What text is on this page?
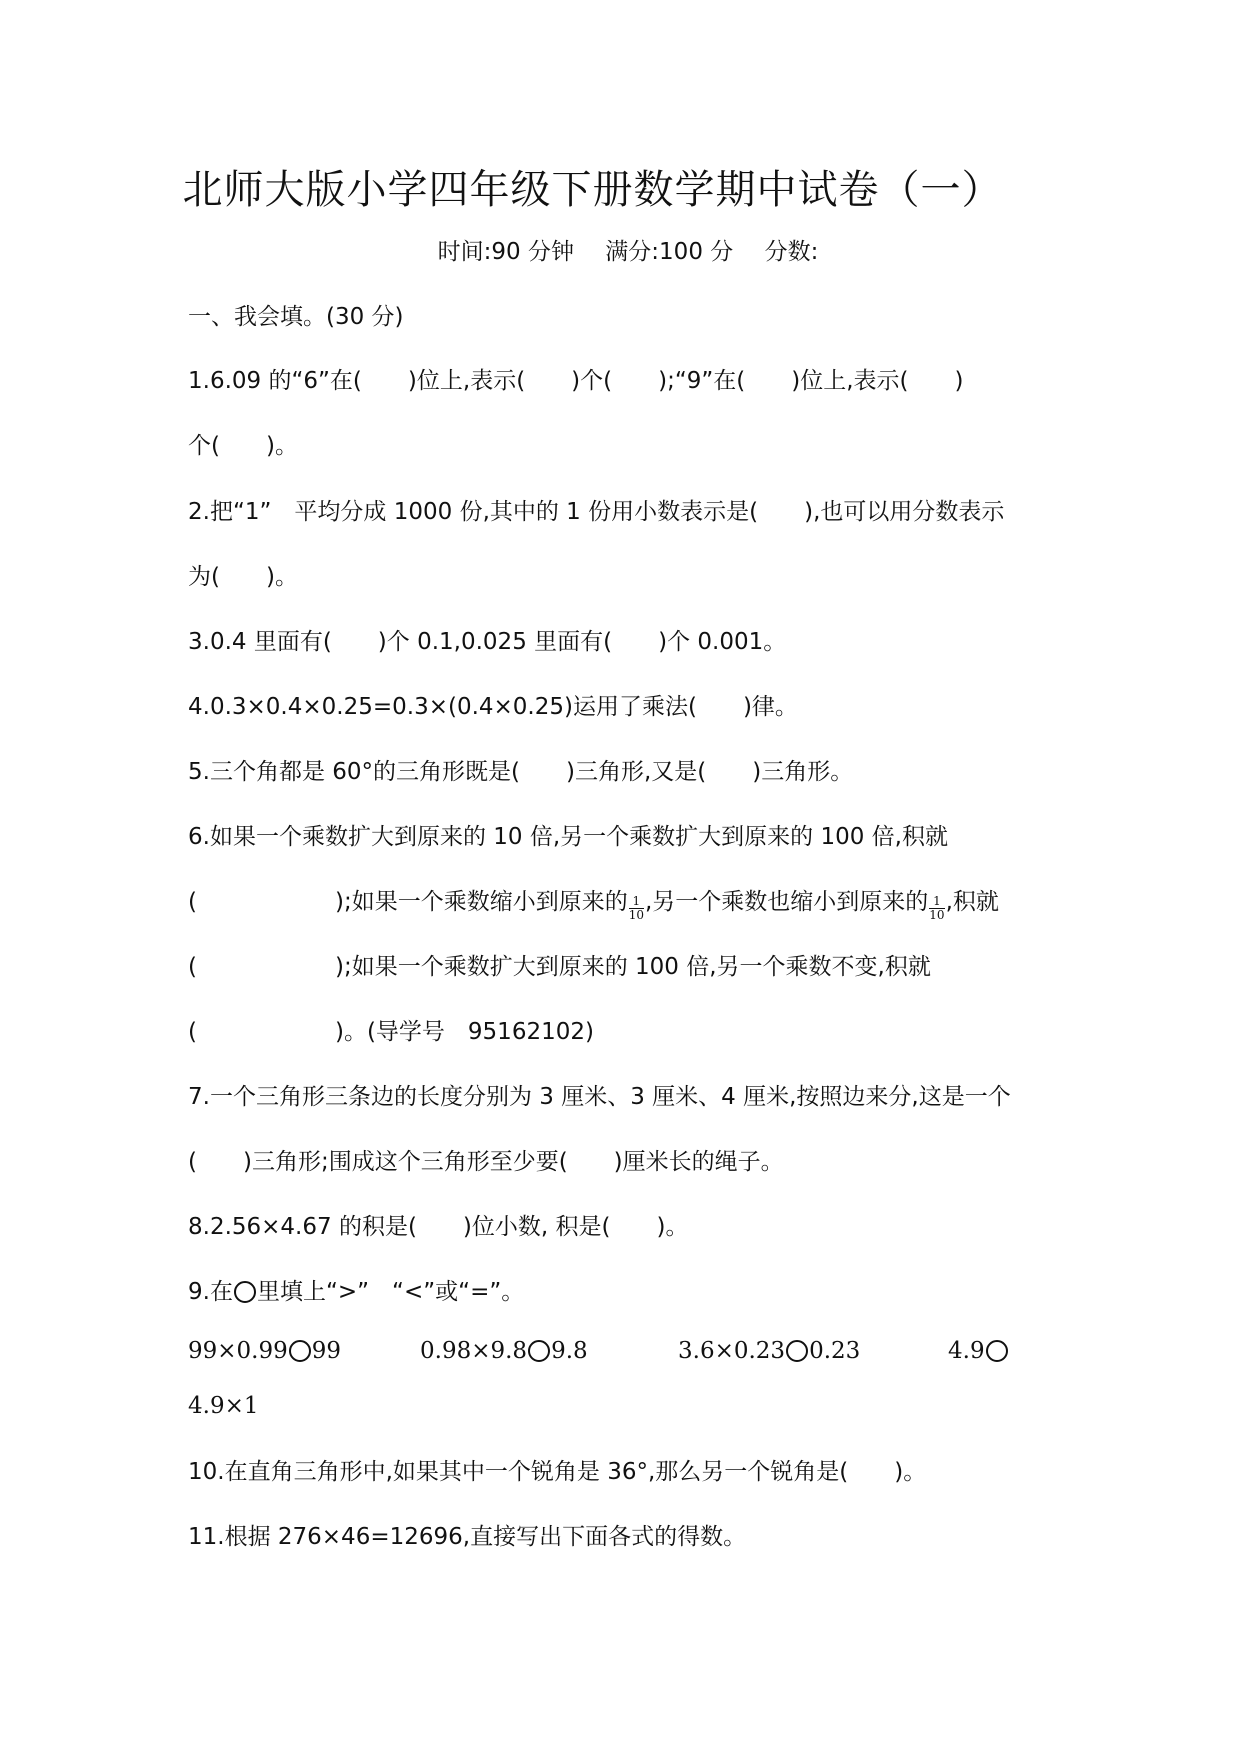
北师大版小学四年级下册数学期中试卷（一）
时间:90 分钟 满分:100 分 分数:
一、我会填。(30 分)
1.6.09 的“6”在(　　)位上,表示(　　)个(　　);“9”在(　　)位上,表示(　　)
个(　　)。
2.把“1”　平均分成 1000 份,其中的 1 份用小数表示是(　　),也可以用分数表示
为(　　)。
3.0.4 里面有(　　)个 0.1,0.025 里面有(　　)个 0.001。
4.0.3×0.4×0.25=0.3×(0.4×0.25)运用了乘法(　　)律。
5.三个角都是 60°的三角形既是(　　)三角形,又是(　　)三角形。
6.如果一个乘数扩大到原来的 10 倍,另一个乘数扩大到原来的 100 倍,积就
(　　　　　　);如果一个乘数缩小到原来的 $\frac{1}{10}$ ,另一个乘数也缩小到原来的 $\frac{1}{10}$ ,积就
(　　　　　　);如果一个乘数扩大到原来的 100 倍,另一个乘数不变,积就
(　　　　　　)。(导学号　95162102)
7.一个三角形三条边的长度分别为 3 厘米、3 厘米、4 厘米,按照边来分,这是一个
(　　)三角形;围成这个三角形至少要(　　)厘米长的绳子。
8.2.56×4.67 的积是(　　)位小数, 积是(　　)。
9.在 里填上“>”　“<”或“=”。
99×0.99 99	0.98×9.8 9.8	3.6×0.23 0.23	4.9
4.9×1
10.在直角三角形中,如果其中一个锐角是 36°,那么另一个锐角是(　　)。
11.根据 276×46=12696,直接写出下面各式的得数。
